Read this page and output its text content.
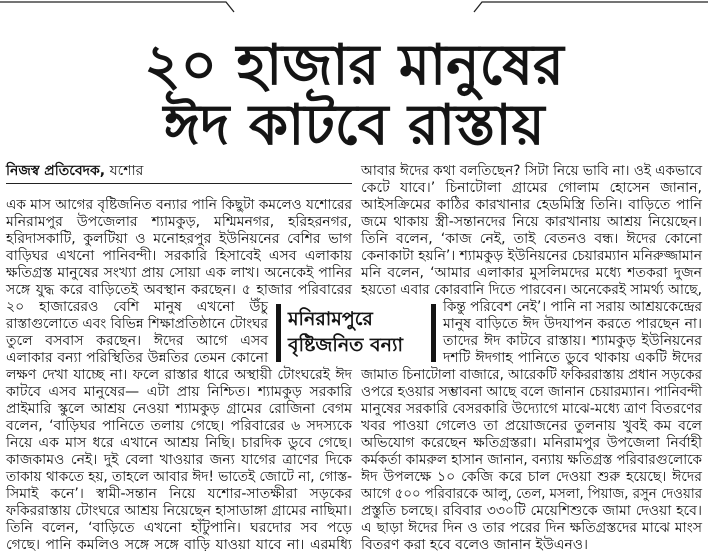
২০ হাজার মানুষের
ঈদ কাটবে রাস্তায়
নিজস্ব প্রতিবেদক, যশোর
এক মাস আগের বৃষ্টিজনিত বন্যার পানি কিছুটা কমলেও যশোরের
মনিরামপুর উপজেলার শ্যামকুড়, মশ্মিমনগর, হরিহরনগর,
হরিদাসকাটি, কুলটিয়া ও মনোহরপুর ইউনিয়নের বেশির ভাগ
বাড়িঘর এখনো পানিবন্দী। সরকারি হিসাবেই এসব এলাকায়
ক্ষতিগ্রস্ত মানুষের সংখ্যা প্রায় সোয়া এক লাখ। অনেকেই পানির
সঙ্গে যুদ্ধ করে বাড়িতেই অবস্থান করছেন। ৫ হাজার পরিবারের
২০ হাজারেরও বেশি মানুষ এখনো উঁচু
রাস্তাগুলোতে এবং বিভিন্ন শিক্ষাপ্রতিষ্ঠানে টোংঘর
তুলে বসবাস করছেন। ঈদের আগে এসব
এলাকার বন্যা পরিস্থিতির উন্নতির তেমন কোনো
লক্ষণ দেখা যাচ্ছে না। ফলে রাস্তার ধারে অস্থায়ী টোংঘরেই ঈদ
কাটবে এসব মানুষের— এটা প্রায় নিশ্চিত। শ্যামকুড় সরকারি
প্রাইমারি স্কুলে আশ্রয় নেওয়া শ্যামকুড় গ্রামের রোজিনা বেগম
বলেন, ‘বাড়িঘর পানিতে তলায় গেছে। পরিবারের ৬ সদস্যকে
নিয়ে এক মাস ধরে এখানে আশ্রয় নিছি। চারদিক ডুবে গেছে।
কাজকামও নেই। দুই বেলা খাওয়ার জন্য যাগের ত্রাণের দিকে
তাকায় থাকতে হয়, তাহলে আবার ঈদ! ভাতেই জোটে না, গোস্ত-
সিমাই কনে’। স্বামী-সন্তান নিয়ে যশোর-সাতক্ষীরা সড়কের
ফকিররাস্তায় টোংঘরে আশ্রয় নিয়েছেন হাসাডাঙ্গা গ্রামের নাছিমা।
তিনি বলেন, ‘বাড়িতে এখনো হাঁটুপানি। ঘরদোর সব পড়ে
গেছে। পানি কমলিও সঙ্গে সঙ্গে বাড়ি যাওয়া যাবে না। এরমধ্যি
আবার ঈদের কথা বলতিছেন? সিটা নিয়ে ভাবি না। ওই একভাবে
কেটে যাবে।’ চিনাটোলা গ্রামের গোলাম হোসেন জানান,
আইসক্রিমের কাঠির কারখানার হেডমিস্ত্রি তিনি। বাড়িতে পানি
জমে থাকায় স্ত্রী-সন্তানদের নিয়ে কারখানায় আশ্রয় নিয়েছেন।
তিনি বলেন, ‘কাজ নেই, তাই বেতনও বন্ধ। ঈদের কোনো
কেনাকাটা হয়নি’। শ্যামকুড় ইউনিয়নের চেয়ারম্যান মনিরুজ্জামান
মনি বলেন, ‘আমার এলাকার মুসলিমদের মধ্যে শতকরা দুজন
হয়তো এবার কোরবানি দিতে পারবেন। অনেকেরই সামর্থ্য আছে,
কিন্তু পরিবেশ নেই’। পানি না সরায় আশ্রয়কেন্দ্রের
মানুষ বাড়িতে ঈদ উদযাপন করতে পারছেন না।
তাদের ঈদ কাটবে রাস্তায়। শ্যামকুড় ইউনিয়নের
দশটি ঈদগাহ পানিতে ডুবে থাকায় একটি ঈদের
জামাত চিনাটোলা বাজারে, আরেকটি ফকিররাস্তায় প্রধান সড়কের
ওপরে হওয়ার সম্ভাবনা আছে বলে জানান চেয়ারম্যান। পানিবন্দী
মানুষের সরকারি বেসরকারি উদ্যোগে মাঝে-মধ্যে ত্রাণ বিতরণের
খবর পাওয়া গেলেও তা প্রয়োজনের তুলনায় খুবই কম বলে
অভিযোগ করেছেন ক্ষতিগ্রস্তরা। মনিরামপুর উপজেলা নির্বাহী
কর্মকর্তা কামরুল হাসান জানান, বন্যায় ক্ষতিগ্রস্ত পরিবারগুলোকে
ঈদ উপলক্ষে ১০ কেজি করে চাল দেওয়া শুরু হয়েছে। ঈদের
আগে ৫০০ পরিবারকে আলু, তেল, মসলা, পিয়াজ, রসুন দেওয়ার
প্রস্তুতি চলছে। রবিবার ৩৩০টি মেয়েশিশুকে জামা দেওয়া হবে।
এ ছাড়া ঈদের দিন ও তার পরের দিন ক্ষতিগ্রস্তদের মাঝে মাংস
বিতরণ করা হবে বলেও জানান ইউএনও।
মনিরামপুরে
বৃষ্টিজনিত বন্যা
